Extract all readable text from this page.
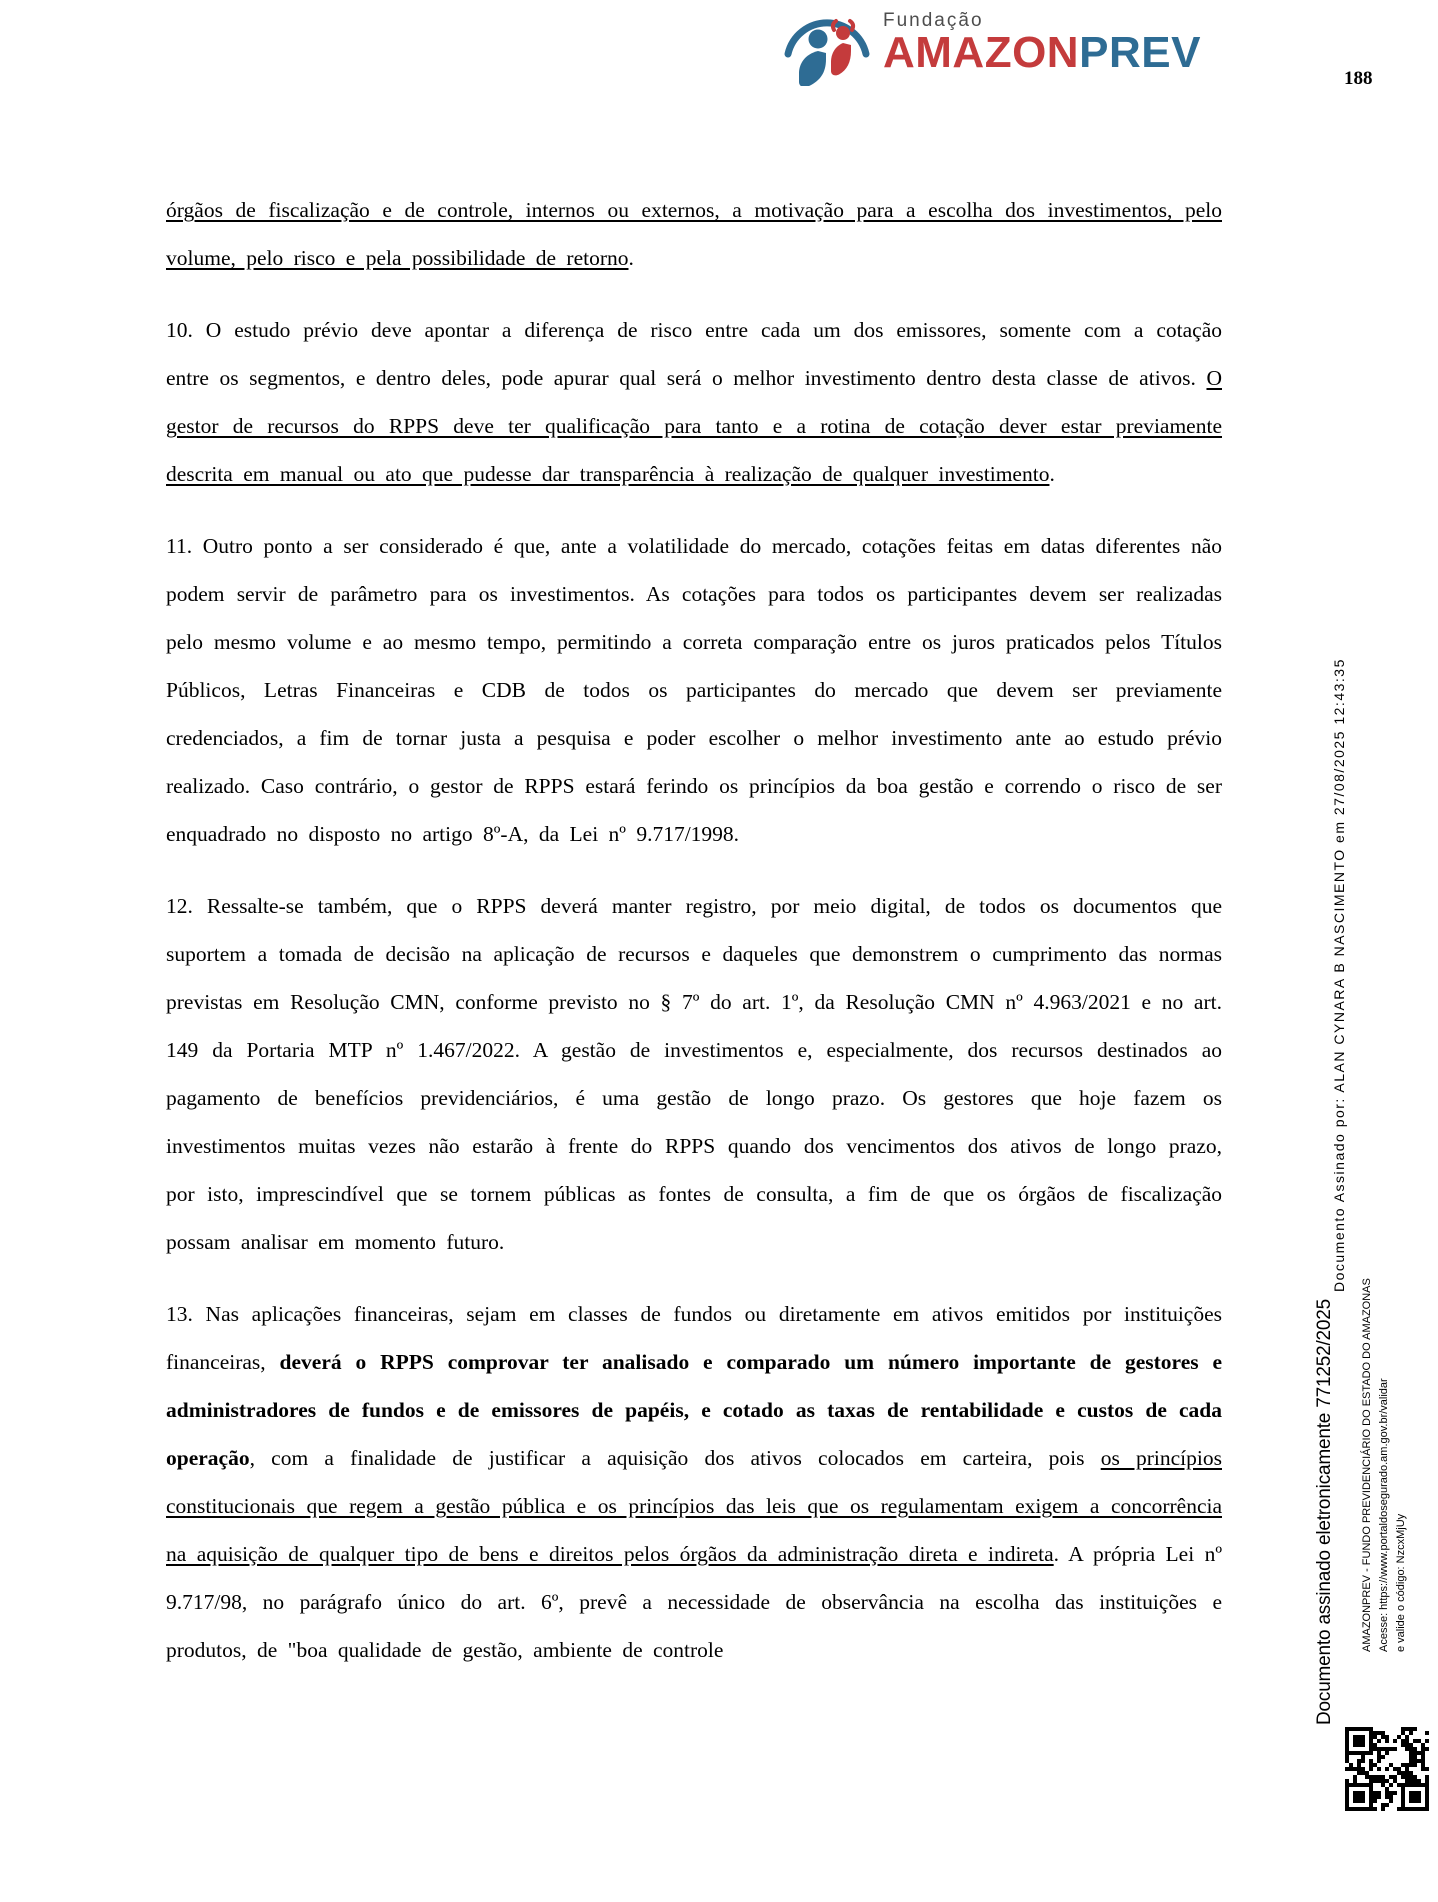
Fundação
AMAZONPREV
188

órgãos de fiscalização e de controle, internos ou externos, a motivação para a escolha dos investimentos, pelo volume, pelo risco e pela possibilidade de retorno.

10. O estudo prévio deve apontar a diferença de risco entre cada um dos emissores, somente com a cotação entre os segmentos, e dentro deles, pode apurar qual será o melhor investimento dentro desta classe de ativos. O gestor de recursos do RPPS deve ter qualificação para tanto e a rotina de cotação dever estar previamente descrita em manual ou ato que pudesse dar transparência à realização de qualquer investimento.

11. Outro ponto a ser considerado é que, ante a volatilidade do mercado, cotações feitas em datas diferentes não podem servir de parâmetro para os investimentos. As cotações para todos os participantes devem ser realizadas pelo mesmo volume e ao mesmo tempo, permitindo a correta comparação entre os juros praticados pelos Títulos Públicos, Letras Financeiras e CDB de todos os participantes do mercado que devem ser previamente credenciados, a fim de tornar justa a pesquisa e poder escolher o melhor investimento ante ao estudo prévio realizado. Caso contrário, o gestor de RPPS estará ferindo os princípios da boa gestão e correndo o risco de ser enquadrado no disposto no artigo 8º-A, da Lei nº 9.717/1998.

12. Ressalte-se também, que o RPPS deverá manter registro, por meio digital, de todos os documentos que suportem a tomada de decisão na aplicação de recursos e daqueles que demonstrem o cumprimento das normas previstas em Resolução CMN, conforme previsto no § 7º do art. 1º, da Resolução CMN nº 4.963/2021 e no art. 149 da Portaria MTP nº 1.467/2022. A gestão de investimentos e, especialmente, dos recursos destinados ao pagamento de benefícios previdenciários, é uma gestão de longo prazo. Os gestores que hoje fazem os investimentos muitas vezes não estarão à frente do RPPS quando dos vencimentos dos ativos de longo prazo, por isto, imprescindível que se tornem públicas as fontes de consulta, a fim de que os órgãos de fiscalização possam analisar em momento futuro.

13. Nas aplicações financeiras, sejam em classes de fundos ou diretamente em ativos emitidos por instituições financeiras, deverá o RPPS comprovar ter analisado e comparado um número importante de gestores e administradores de fundos e de emissores de papéis, e cotado as taxas de rentabilidade e custos de cada operação, com a finalidade de justificar a aquisição dos ativos colocados em carteira, pois os princípios constitucionais que regem a gestão pública e os princípios das leis que os regulamentam exigem a concorrência na aquisição de qualquer tipo de bens e direitos pelos órgãos da administração direta e indireta. A própria Lei nº 9.717/98, no parágrafo único do art. 6º, prevê a necessidade de observância na escolha das instituições e produtos, de "boa qualidade de gestão, ambiente de controle

Documento Assinado por: ALAN CYNARA B NASCIMENTO em 27/08/2025 12:43:35
Documento assinado eletronicamente 771252/2025	AMAZONPREV - FUNDO PREVIDENCIÁRIO DO ESTADO DO AMAZONAS Acesse: https://www.portaldosegurado.am.gov.br/validar e valide o código: NzcxMjUy
